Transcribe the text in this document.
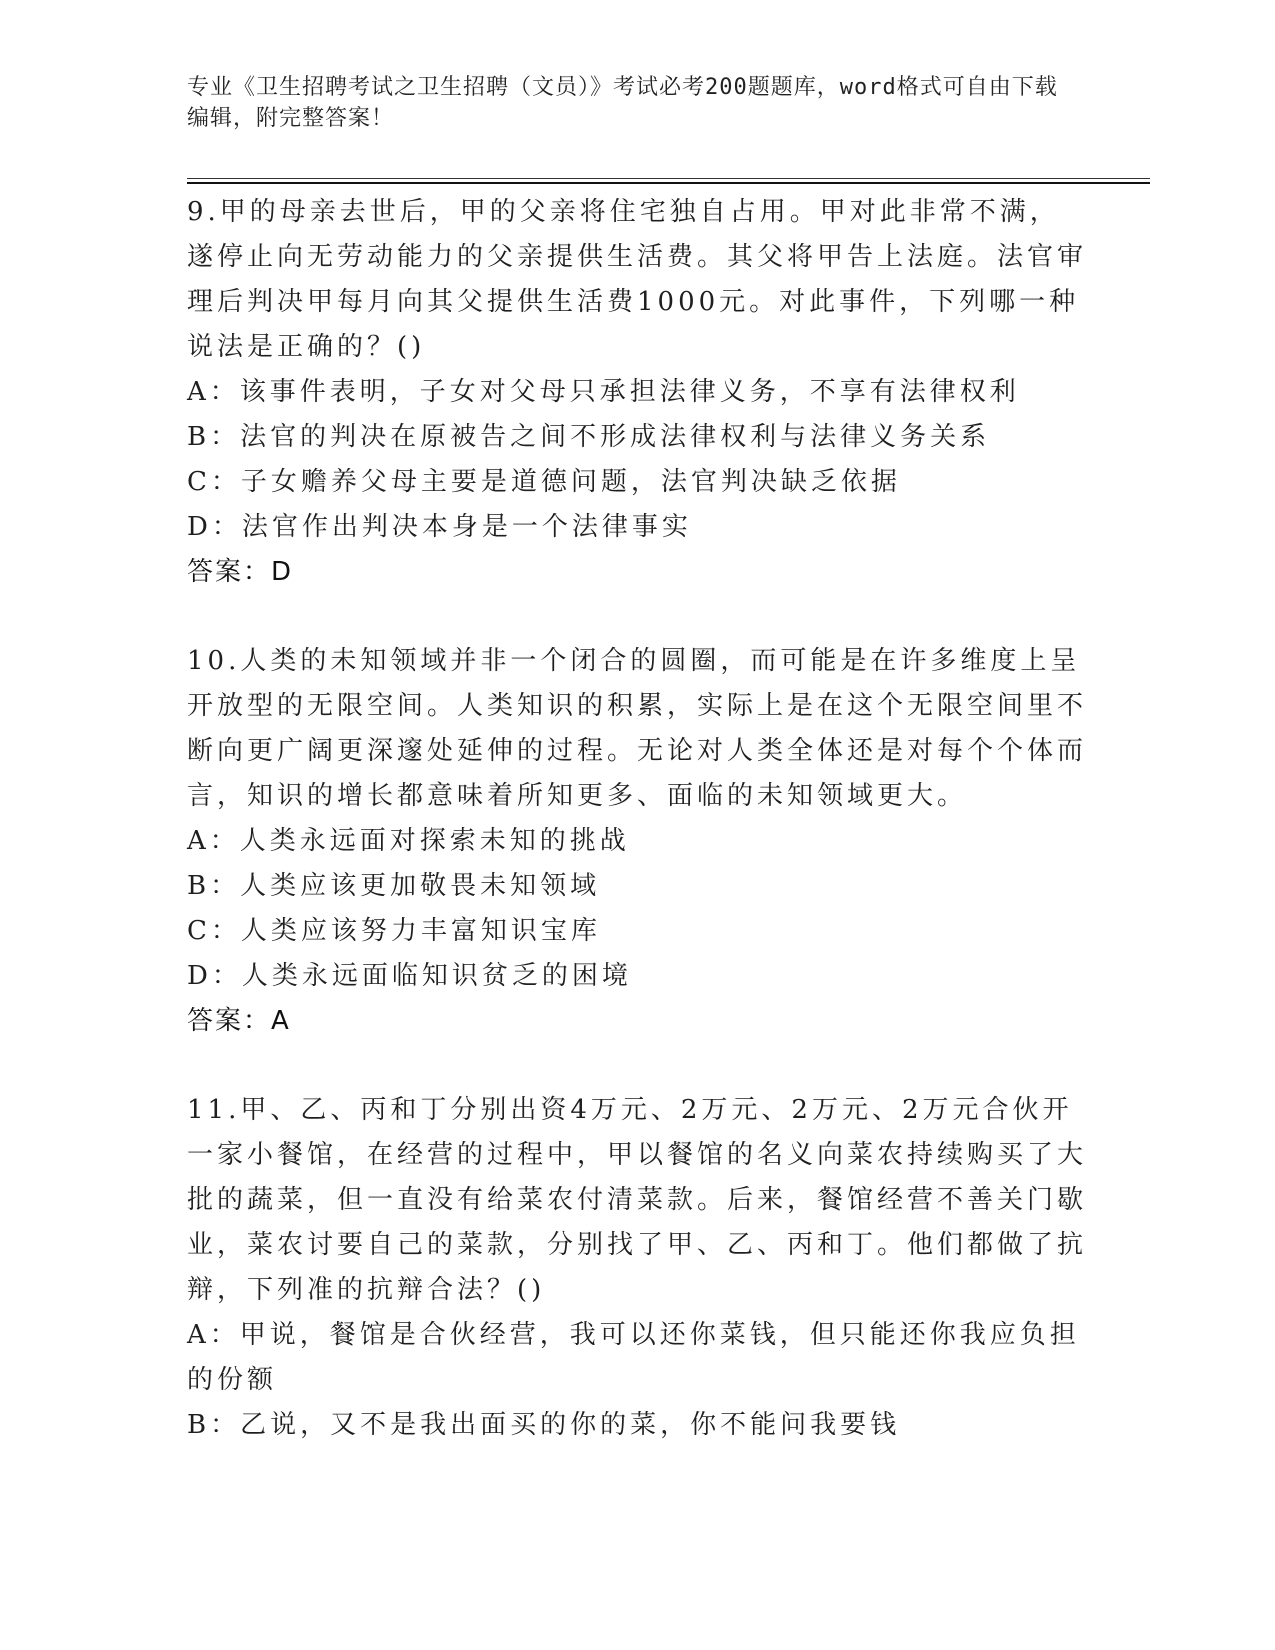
专业《卫生招聘考试之卫生招聘（文员）》考试必考200题题库，word格式可自由下载编辑，附完整答案！

9.甲的母亲去世后，甲的父亲将住宅独自占用。甲对此非常不满，遂停止向无劳动能力的父亲提供生活费。其父将甲告上法庭。法官审理后判决甲每月向其父提供生活费1000元。对此事件，下列哪一种说法是正确的？()

A：该事件表明，子女对父母只承担法律义务，不享有法律权利

B：法官的判决在原被告之间不形成法律权利与法律义务关系

C：子女赡养父母主要是道德问题，法官判决缺乏依据

D：法官作出判决本身是一个法律事实

答案：D

10.人类的未知领域并非一个闭合的圆圈，而可能是在许多维度上呈开放型的无限空间。人类知识的积累，实际上是在这个无限空间里不断向更广阔更深邃处延伸的过程。无论对人类全体还是对每个个体而言，知识的增长都意味着所知更多、面临的未知领域更大。

A：人类永远面对探索未知的挑战

B：人类应该更加敬畏未知领域

C：人类应该努力丰富知识宝库

D：人类永远面临知识贫乏的困境

答案：A

11.甲、乙、丙和丁分别出资4万元、2万元、2万元、2万元合伙开一家小餐馆，在经营的过程中，甲以餐馆的名义向菜农持续购买了大批的蔬菜，但一直没有给菜农付清菜款。后来，餐馆经营不善关门歇业，菜农讨要自己的菜款，分别找了甲、乙、丙和丁。他们都做了抗辩，下列准的抗辩合法？()

A：甲说，餐馆是合伙经营，我可以还你菜钱，但只能还你我应负担的份额

B：乙说，又不是我出面买的你的菜，你不能问我要钱
